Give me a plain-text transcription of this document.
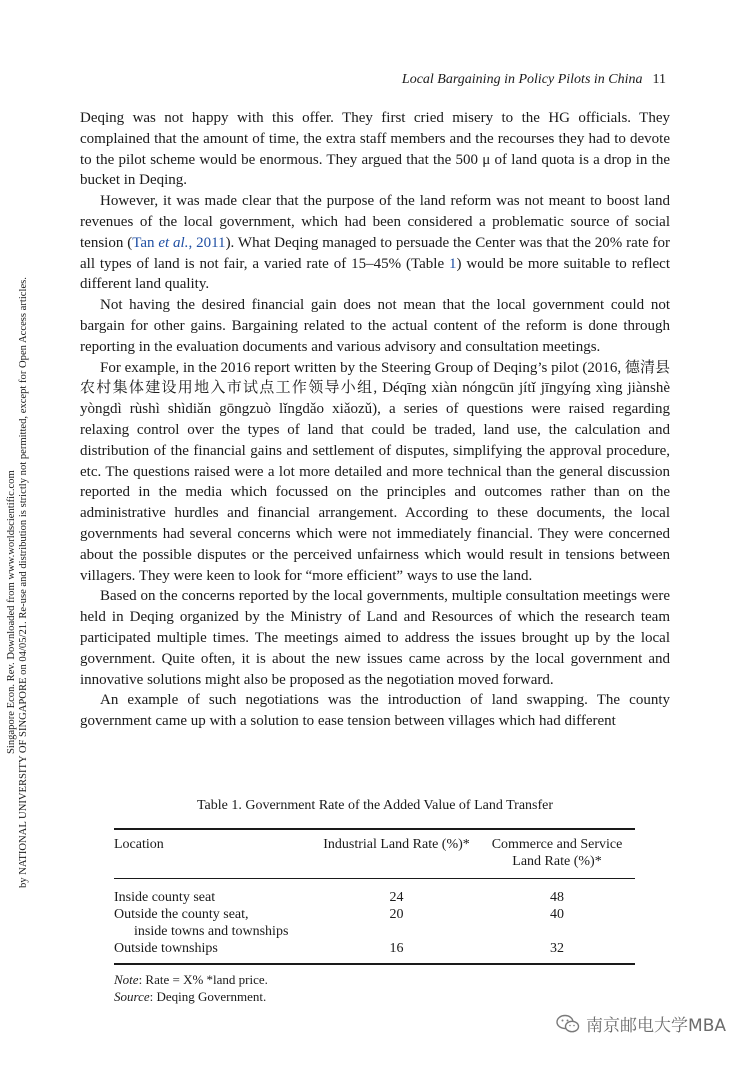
Singapore Econ. Rev. Downloaded from www.worldscientific.com by NATIONAL UNIVERSITY OF SINGAPORE on 04/05/21. Re-use and distribution is strictly not permitted, except for Open Access articles.
Local Bargaining in Policy Pilots in China 11

Deqing was not happy with this offer. They first cried misery to the HG officials. They complained that the amount of time, the extra staff members and the recourses they had to devote to the pilot scheme would be enormous. They argued that the 500 μ of land quota is a drop in the bucket in Deqing.

However, it was made clear that the purpose of the land reform was not meant to boost land revenues of the local government, which had been considered a problematic source of social tension (Tan et al., 2011). What Deqing managed to persuade the Center was that the 20% rate for all types of land is not fair, a varied rate of 15–45% (Table 1) would be more suitable to reflect different land quality.

Not having the desired financial gain does not mean that the local government could not bargain for other gains. Bargaining related to the actual content of the reform is done through reporting in the evaluation documents and various advisory and consultation meetings.

For example, in the 2016 report written by the Steering Group of Deqing’s pilot (2016, 德清县农村集体建设用地入市试点工作领导小组, Déqīng xiàn nóngcūn jítǐ jīngyíng xìng jiànshè yòngdì rùshì shìdiǎn gōngzuò lǐngdǎo xiǎozǔ), a series of questions were raised regarding relaxing control over the types of land that could be traded, land use, the calculation and distribution of the financial gains and settlement of disputes, simplifying the approval procedure, etc. The questions raised were a lot more detailed and more technical than the general discussion reported in the media which focussed on the principles and outcomes rather than on the administrative hurdles and financial arrangement. According to these documents, the local governments had several concerns which were not immediately financial. They were concerned about the possible disputes or the perceived unfairness which would result in tensions between villagers. They were keen to look for “more efficient” ways to use the land.

Based on the concerns reported by the local governments, multiple consultation meetings were held in Deqing organized by the Ministry of Land and Resources of which the research team participated multiple times. The meetings aimed to address the issues brought up by the local government. Quite often, it is about the new issues came across by the local government and innovative solutions might also be proposed as the negotiation moved forward.

An example of such negotiations was the introduction of land swapping. The county government came up with a solution to ease tension between villages which had different

Table 1. Government Rate of the Added Value of Land Transfer
Location	Industrial Land Rate (%)*	Commerce and Service
Land Rate (%)*
Inside county seat	24	48
Outside the county seat,
inside towns and townships	20	40
Outside townships	16	32
Note: Rate = X% *land price.
Source: Deqing Government.
南京邮电大学MBA
